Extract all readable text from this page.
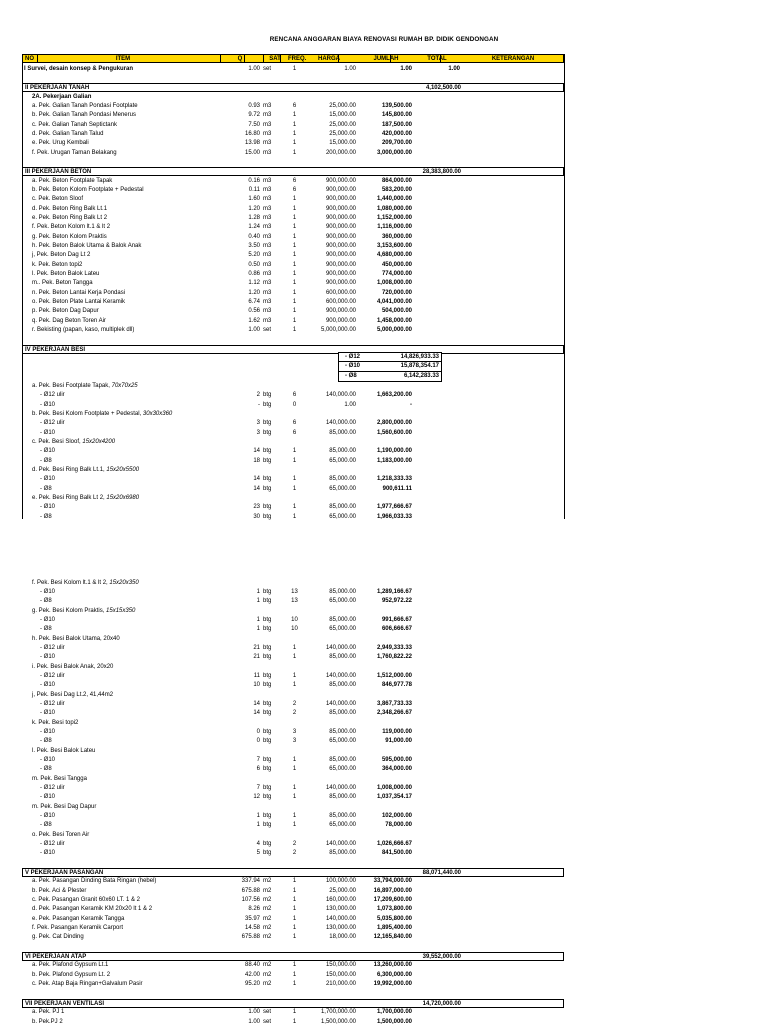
RENCANA ANGGARAN BIAYA RENOVASI RUMAH BP. DIDIK GENDONGAN
NO	ITEM	Q	SAT	FREQ.	HARGA	JUMLAH	TOTAL	KETERANGAN
I Survei, desain konsep & Pengukuran	1.00 set	1	1.00	1.00	1.00
II PEKERJAAN TANAH	4,102,500.00
2A. Pekerjaan Galian
a. Pek. Galian Tanah Pondasi Footplate	0.93 m3	6	25,000.00	139,500.00
b. Pek. Galian Tanah Pondasi Menerus	9.72 m3	1	15,000.00	145,800.00
c. Pek. Galian Tanah Septictank	7.50 m3	1	25,000.00	187,500.00
d. Pek. Galian Tanah Talud	16.80 m3	1	25,000.00	420,000.00
e. Pek. Urug Kembali	13.98 m3	1	15,000.00	209,700.00
f. Pek. Urugan Taman Belakang	15.00 m3	1	200,000.00	3,000,000.00
III PEKERJAAN BETON	28,383,800.00
a. Pek. Beton Footplate Tapak	0.16 m3	6	900,000.00	864,000.00
b. Pek. Beton Kolom Footplate + Pedestal	0.11 m3	6	900,000.00	583,200.00
c. Pek. Beton Sloof	1.60 m3	1	900,000.00	1,440,000.00
d. Pek. Beton Ring Balk Lt.1	1.20 m3	1	900,000.00	1,080,000.00
e. Pek. Beton Ring Balk Lt 2	1.28 m3	1	900,000.00	1,152,000.00
f. Pek. Beton Kolom lt.1 & lt 2	1.24 m3	1	900,000.00	1,116,000.00
g. Pek. Beton Kolom Praktis	0.40 m3	1	900,000.00	360,000.00
h. Pek. Beton Balok Utama & Balok Anak	3.50 m3	1	900,000.00	3,153,600.00
j, Pek. Beton Dag Lt 2	5.20 m3	1	900,000.00	4,680,000.00
k. Pek. Beton topi2	0.50 m3	1	900,000.00	450,000.00
l. Pek. Beton Balok Lateu	0.86 m3	1	900,000.00	774,000.00
m.. Pek. Beton Tangga	1.12 m3	1	900,000.00	1,008,000.00
n. Pek. Beton Lantai Kerja Pondasi	1.20 m3	1	600,000.00	720,000.00
o. Pek. Beton Plate Lantai Keramik	6.74 m3	1	600,000.00	4,041,000.00
p. Pek. Beton Dag Dapur	0.56 m3	1	900,000.00	504,000.00
q. Pek. Dag Beton Toren Air	1.62 m3	1	900,000.00	1,458,000.00
r. Bekisting (papan, kaso, multiplek dll)	1.00 set	1	5,000,000.00	5,000,000.00
IV PEKERJAAN BESI
a. Pek. Besi Footplate Tapak, 70x70x25
- Ø12 ulir	2 btg	6	140,000.00	1,663,200.00
- Ø10	- btg	0	1.00	-
b. Pek. Besi Kolom Footplate + Pedestal, 30x30x360
- Ø12 ulir	3 btg	6	140,000.00	2,800,000.00
- Ø10	3 btg	6	85,000.00	1,560,600.00
c. Pek. Besi Sloof, 15x20x4200
- Ø10	14 btg	1	85,000.00	1,190,000.00
- Ø8	18 btg	1	65,000.00	1,183,000.00
d. Pek. Besi Ring Balk Lt.1, 15x20x5500
- Ø10	14 btg	1	85,000.00	1,218,333.33
- Ø8	14 btg	1	65,000.00	900,611.11
e. Pek. Besi Ring Balk Lt 2, 15x20x6980
- Ø10	23 btg	1	85,000.00	1,977,666.67
- Ø8	30 btg	1	65,000.00	1,966,033.33
- Ø12	14,826,933.33
- Ø10	15,878,354.17
- Ø8	6,142,283.33
f. Pek. Besi Kolom lt.1 & lt 2, 15x20x350
- Ø10	1 btg	13	85,000.00	1,289,166.67
- Ø8	1 btg	13	65,000.00	952,972.22
g. Pek. Besi Kolom Praktis, 15x15x350
- Ø10	1 btg	10	85,000.00	991,666.67
- Ø8	1 btg	10	65,000.00	606,666.67
h. Pek. Besi Balok Utama, 20x40
- Ø12 ulir	21 btg	1	140,000.00	2,949,333.33
- Ø10	21 btg	1	85,000.00	1,760,822.22
i. Pek. Besi Balok Anak, 20x20
- Ø12 ulir	11 btg	1	140,000.00	1,512,000.00
- Ø10	10 btg	1	85,000.00	846,977.78
j, Pek. Besi Dag Lt.2, 41,44m2
- Ø12 ulir	14 btg	2	140,000.00	3,867,733.33
- Ø10	14 btg	2	85,000.00	2,348,266.67
k. Pek. Besi topi2
- Ø10	0 btg	3	85,000.00	119,000.00
- Ø8	0 btg	3	65,000.00	91,000.00
l. Pek. Besi Balok Lateu
- Ø10	7 btg	1	85,000.00	595,000.00
- Ø8	6 btg	1	65,000.00	364,000.00
m. Pek. Besi Tangga
- Ø12 ulir	7 btg	1	140,000.00	1,008,000.00
- Ø10	12 btg	1	85,000.00	1,037,354.17
m. Pek. Besi Dag Dapur
- Ø10	1 btg	1	85,000.00	102,000.00
- Ø8	1 btg	1	65,000.00	78,000.00
o. Pek. Besi Toren Air
- Ø12 ulir	4 btg	2	140,000.00	1,026,666.67
- Ø10	5 btg	2	85,000.00	841,500.00
V PEKERJAAN PASANGAN	88,071,440.00
a. Pek. Pasangan Dinding Bata Ringan (hebel)	337.94 m2	1	100,000.00	33,794,000.00
b. Pek. Aci & Plester	675.88 m2	1	25,000.00	16,897,000.00
c. Pek. Pasangan Granit 60x60 LT. 1 & 2	107.56 m2	1	160,000.00	17,209,600.00
d. Pek. Pasangan Keramik KM 20x20 lt 1 & 2	8.26 m2	1	130,000.00	1,073,800.00
e. Pek. Pasangan Keramik Tangga	35.97 m2	1	140,000.00	5,035,800.00
f. Pek. Pasangan Keramik Carport	14.58 m2	1	130,000.00	1,895,400.00
g. Pek. Cat Dinding	675.88 m2	1	18,000.00	12,165,840.00
VI PEKERJAAN ATAP	39,552,000.00
a. Pek. Plafond Gypsum Lt.1	88.40 m2	1	150,000.00	13,260,000.00
b. Pek. Plafond Gypsum Lt. 2	42.00 m2	1	150,000.00	6,300,000.00
c. Pek. Atap Baja Ringan+Galvalum Pasir	95.20 m2	1	210,000.00	19,992,000.00
VII PEKERJAAN VENTILASI	14,720,000.00
a. Pek. PJ 1	1.00 set	1	1,700,000.00	1,700,000.00
b. Pek.PJ 2	1.00 set	1	1,500,000.00	1,500,000.00
